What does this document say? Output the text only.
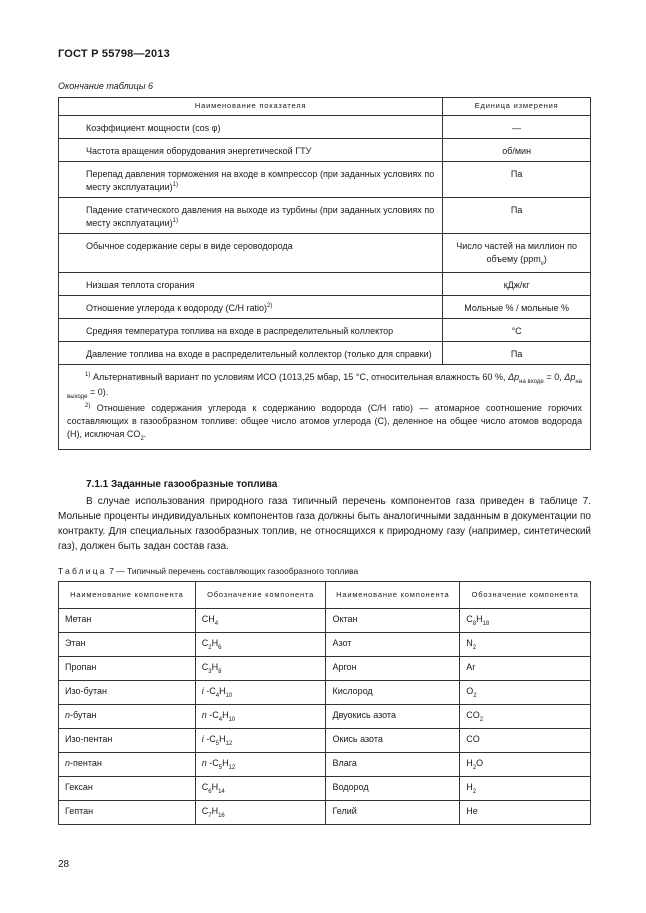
ГОСТ Р 55798—2013
Окончание таблицы 6
Наименование показателя	Единица измерения
Коэффициент мощности (cos φ)	—
Частота вращения оборудования энергетической ГТУ	об/мин
Перепад давления торможения на входе в компрессор (при заданных условиях по месту эксплуатации)$^{1)}$	Па
Падение статического давления на выходе из турбины (при заданных условиях по месту эксплуатации)$^{1)}$	Па
Обычное содержание серы в виде сероводорода	Число частей на миллион по объему (ppm$_v$)
Низшая теплота сгорания	кДж/кг
Отношение углерода к водороду (C/H ratio)$^{2)}$	Мольные % / мольные %
Средняя температура топлива на входе в распределительный коллектор	°С
Давление топлива на входе в распределительный коллектор (только для справки)	Па

$^{1)}$ Альтернативный вариант по условиям ИСО (1013,25 мбар, 15 °С, относительная влажность 60 %, $\Delta p_{на входе} = 0$, $\Delta p_{на выходе} = 0$).

$^{2)}$ Отношение содержания углерода к содержанию водорода (С/Н ratio) — атомарное соотношение горючих составляющих в газообразном топливе: общее число атомов углерода (С), деленное на общее число атомов водорода (Н), исключая $CO_2$.	

7.1.1 Заданные газообразные топлива

В случае использования природного газа типичный перечень компонентов газа приведен в таблице 7. Мольные проценты индивидуальных компонентов газа должны быть аналогичными заданным в документации по контракту. Для специальных газообразных топлив, не относящихся к природному газу (например, синтетический газ), должен быть задан состав газа.

Таблица 7 — Типичный перечень составляющих газообразного топлива
Наименование компонента	Обозначение компонента	Наименование компонента	Обозначение компонента
Метан	$CH_4$	Октан	$C_8H_{18}$
Этан	$C_2H_6$	Азот	$N_2$
Пропан	$C_3H_8$	Аргон	Ar
Изо-бутан	i $-C_4H_{10}$	Кислород	$O_2$
n-бутан	n $-C_4H_{10}$	Двуокись азота	$CO_2$
Изо-пентан	i $-C_5H_{12}$	Окись азота	CO
n-пентан	n $-C_5H_{12}$	Влага	$H_2O$
Гексан	$C_6H_{14}$	Водород	$H_2$
Гептан	$C_7H_{16}$	Гелий	He
28
